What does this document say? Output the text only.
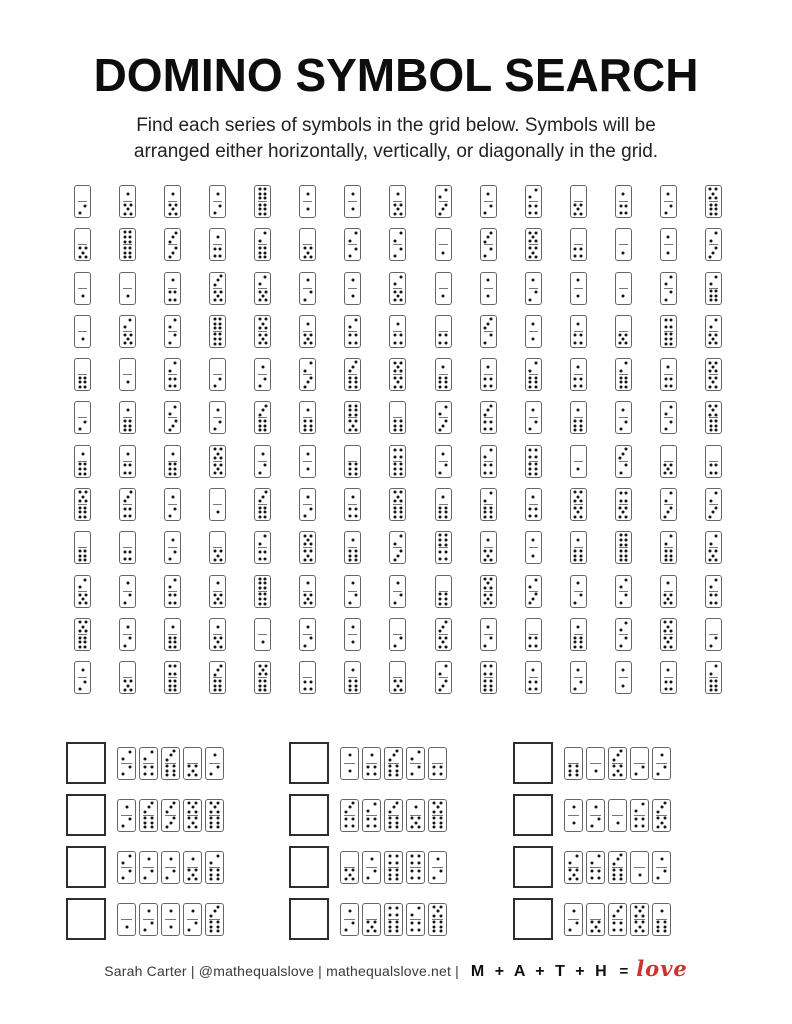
DOMINO SYMBOL SEARCH
Find each series of symbols in the grid below. Symbols will be
arranged either horizontally, vertically, or diagonally in the grid.
Sarah Carter | @mathequalslove | mathequalslove.net | M + A + T + H = love
